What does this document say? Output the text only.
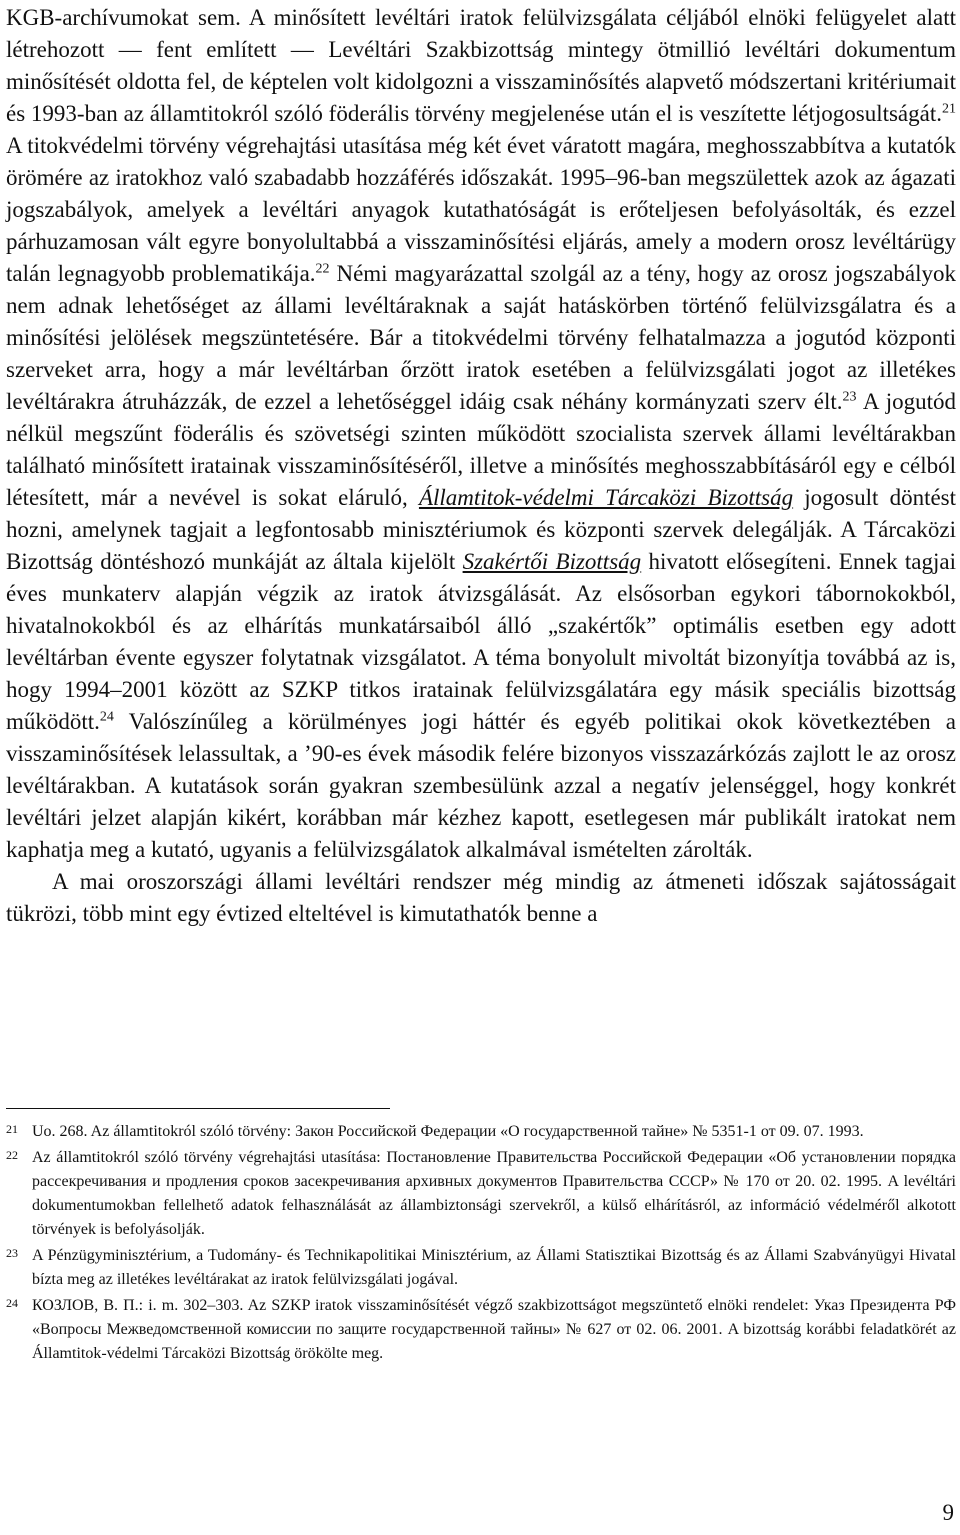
KGB-archívumokat sem. A minősített levéltári iratok felülvizsgálata céljából elnöki felügyelet alatt létrehozott — fent említett — Levéltári Szakbizottság mintegy ötmillió levéltári dokumentum minősítését oldotta fel, de képtelen volt kidolgozni a visszaminősítés alapvető módszertani kritériumait és 1993-ban az államtitokról szóló föderális törvény megjelenése után el is veszítette létjogosultságát.$^{21}$ A titokvédelmi törvény végrehajtási utasítása még két évet váratott magára, meghosszabbítva a kutatók örömére az iratokhoz való szabadabb hozzáférés időszakát. 1995–96-ban megszülettek azok az ágazati jogszabályok, amelyek a levéltári anyagok kutathatóságát is erőteljesen befolyásolták, és ezzel párhuzamosan vált egyre bonyolultabbá a visszaminősítési eljárás, amely a modern orosz levéltárügy talán legnagyobb problematikája.$^{22}$ Némi magyarázattal szolgál az a tény, hogy az orosz jogszabályok nem adnak lehetőséget az állami levéltáraknak a saját hatáskörben történő felülvizsgálatra és a minősítési jelölések megszüntetésére. Bár a titokvédelmi törvény felhatalmazza a jogutód központi szerveket arra, hogy a már levéltárban őrzött iratok esetében a felülvizsgálati jogot az illetékes levéltárakra átruházzák, de ezzel a lehetőséggel idáig csak néhány kormányzati szerv élt.$^{23}$ A jogutód nélkül megszűnt föderális és szövetségi szinten működött szocialista szervek állami levéltárakban található minősített iratainak visszaminősítéséről, illetve a minősítés meghosszabbításáról egy e célból létesített, már a nevével is sokat eláruló, Államtitok-védelmi Tárcaközi Bizottság jogosult döntést hozni, amelynek tagjait a legfontosabb minisztériumok és központi szervek delegálják. A Tárcaközi Bizottság döntéshozó munkáját az általa kijelölt Szakértői Bizottság hivatott elősegíteni. Ennek tagjai éves munkaterv alapján végzik az iratok átvizsgálását. Az elsősorban egykori tábornokokból, hivatalnokokból és az elhárítás munkatársaiból álló „szakértők” optimális esetben egy adott levéltárban évente egyszer folytatnak vizsgálatot. A téma bonyolult mivoltát bizonyítja továbbá az is, hogy 1994–2001 között az SZKP titkos iratainak felülvizsgálatára egy másik speciális bizottság működött.$^{24}$ Valószínűleg a körülményes jogi háttér és egyéb politikai okok következtében a visszaminősítések lelassultak, a ’90-es évek második felére bizonyos visszazárkózás zajlott le az orosz levéltárakban. A kutatások során gyakran szembesülünk azzal a negatív jelenséggel, hogy konkrét levéltári jelzet alapján kikért, korábban már kézhez kapott, esetlegesen már publikált iratokat nem kaphatja meg a kutató, ugyanis a felülvizsgálatok alkalmával ismételten zárolták.

A mai oroszországi állami levéltári rendszer még mindig az átmeneti időszak sajátosságait tükrözi, több mint egy évtized elteltével is kimutathatók benne a

21 Uo. 268. Az államtitokról szóló törvény: Закон Российской Федерации «О государственной тайне» № 5351-1 от 09. 07. 1993.
22 Az államtitokról szóló törvény végrehajtási utasítása: Постановление Правительства Российской Федерации «Об установлении порядка рассекречивания и продления сроков засекречивания архивных документов Правительства СССР» № 170 от 20. 02. 1995. A levéltári dokumentumokban fellelhető adatok felhasználását az állambiztonsági szervekről, a külső elhárításról, az információ védelméről alkotott törvények is befolyásolják.
23 A Pénzügyminisztérium, a Tudomány- és Technikapolitikai Minisztérium, az Állami Statisztikai Bizottság és az Állami Szabványügyi Hivatal bízta meg az illetékes levéltárakat az iratok felülvizsgálati jogával.
24 КОЗЛОВ, В. П.: i. m. 302–303. Az SZKP iratok visszaminősítését végző szakbizottságot megszüntető elnöki rendelet: Указ Президента РФ «Вопросы Межведомственной комиссии по защите государственной тайны» № 627 от 02. 06. 2001. A bizottság korábbi feladatkörét az Államtitok-védelmi Tárcaközi Bizottság örökölte meg.
9
